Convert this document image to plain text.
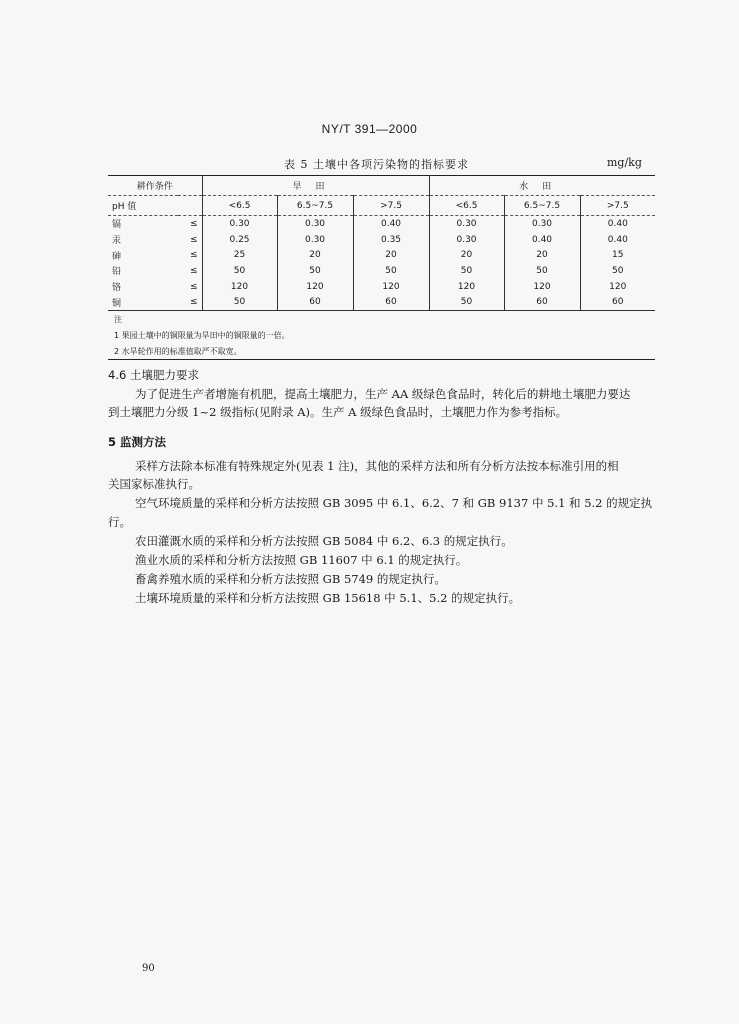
NY/T 391—2000
表 5 土壤中各项污染物的指标要求	mg/kg
耕作条件		旱田			水田		
pH 值		<6.5	6.5~7.5	>7.5	<6.5	6.5~7.5	>7.5
镉	≤	0.30	0.30	0.40	0.30	0.30	0.40
汞	≤	0.25	0.30	0.35	0.30	0.40	0.40
砷	≤	25	20	20	20	20	15
铅	≤	50	50	50	50	50	50
铬	≤	120	120	120	120	120	120
铜	≤	50	60	60	50	60	60
注							
1 果园土壤中的铜限量为旱田中的铜限量的一倍。							
2 水旱轮作用的标准值取严不取宽。							
4.6 土壤肥力要求
为了促进生产者增施有机肥，提高土壤肥力，生产 AA 级绿色食品时，转化后的耕地土壤肥力要达
到土壤肥力分级 1~2 级指标(见附录 A)。生产 A 级绿色食品时，土壤肥力作为参考指标。
5 监测方法
采样方法除本标准有特殊规定外(见表 1 注)，其他的采样方法和所有分析方法按本标准引用的相
关国家标准执行。
空气环境质量的采样和分析方法按照 GB 3095 中 6.1、6.2、7 和 GB 9137 中 5.1 和 5.2 的规定执
行。
农田灌溉水质的采样和分析方法按照 GB 5084 中 6.2、6.3 的规定执行。
渔业水质的采样和分析方法按照 GB 11607 中 6.1 的规定执行。
畜禽养殖水质的采样和分析方法按照 GB 5749 的规定执行。
土壤环境质量的采样和分析方法按照 GB 15618 中 5.1、5.2 的规定执行。
90
